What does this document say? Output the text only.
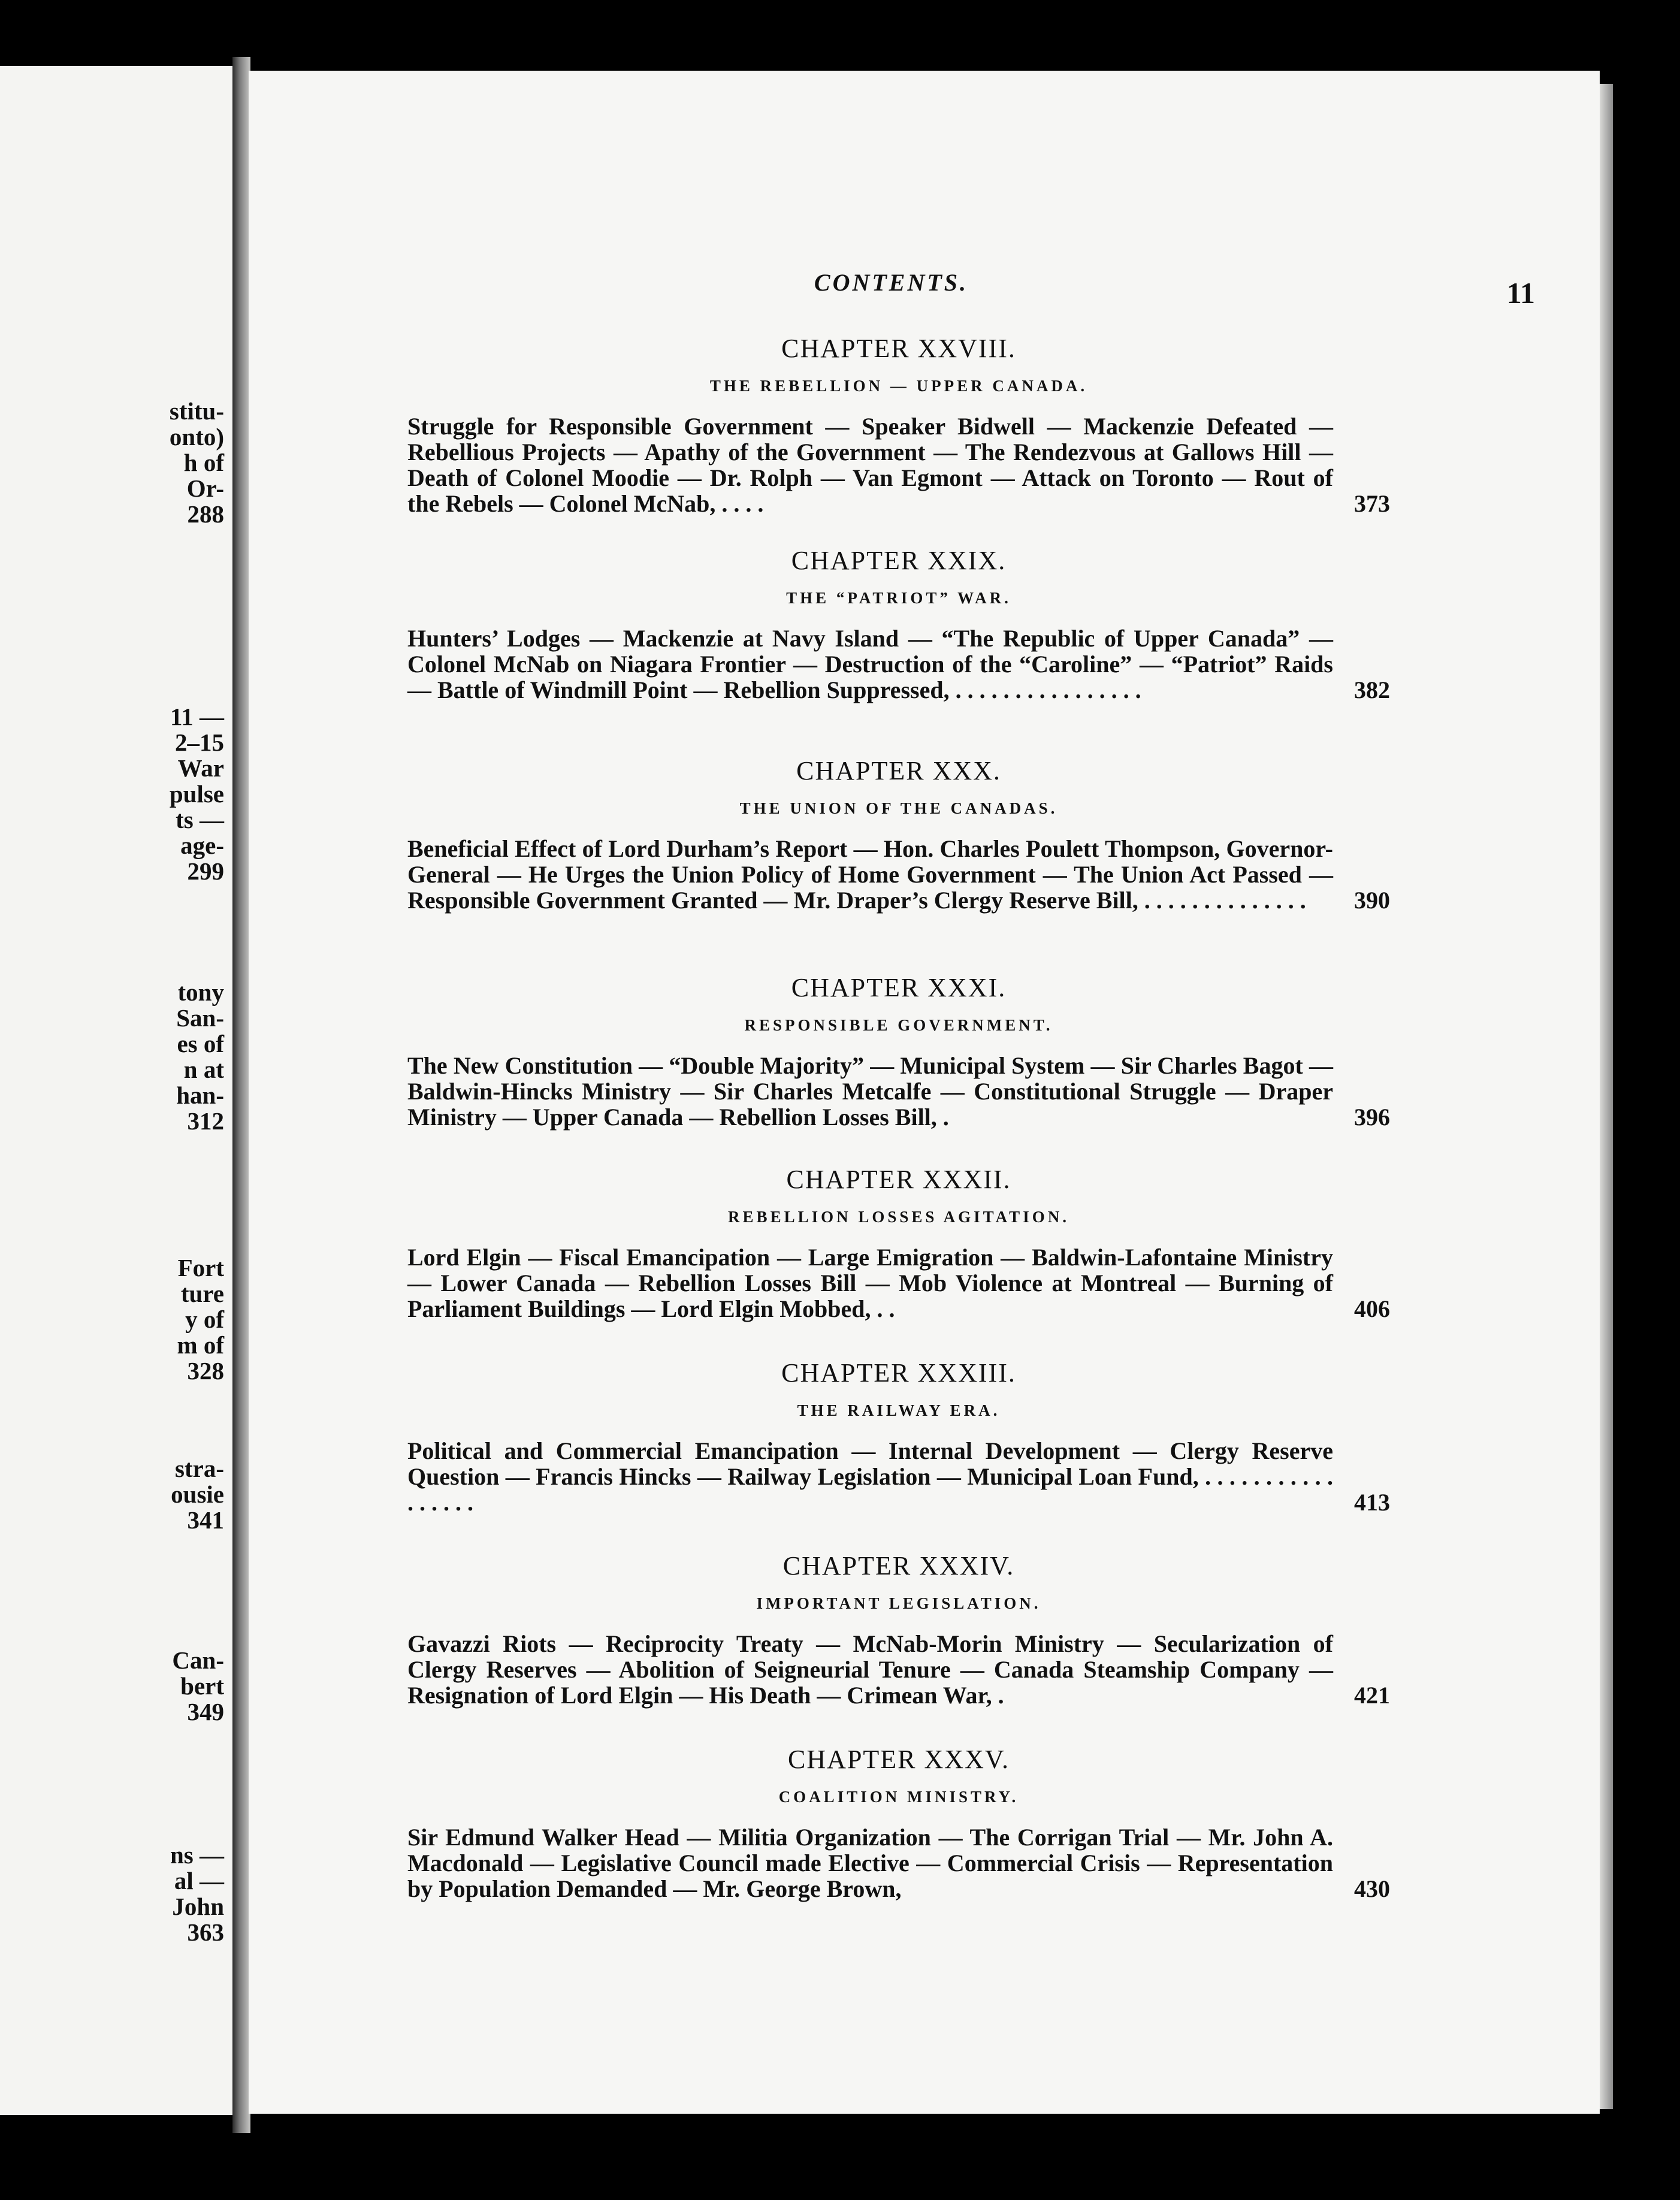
stitu-
onto)
h of
Or-
288
11 —
2–15
War
pulse
ts —
age-
299
tony
San-
es of
n at
han-
312
Fort
ture
y of
m of
328
stra-
ousie
341
Can-
bert
349
ns —
al —
John
363
CONTENTS.	11
CHAPTER XXVIII.
THE REBELLION — UPPER CANADA.
Struggle for Responsible Government — Speaker Bidwell — Mackenzie Defeated — Rebellious Projects — Apathy of the Government — The Rendezvous at Gallows Hill — Death of Colonel Moodie — Dr. Rolph — Van Egmont — Attack on Toronto — Rout of the Rebels — Colonel McNab, . . . .	373
CHAPTER XXIX.
THE “PATRIOT” WAR.
Hunters’ Lodges — Mackenzie at Navy Island — “The Republic of Upper Canada” — Colonel McNab on Niagara Frontier — Destruction of the “Caroline” — “Patriot” Raids — Battle of Windmill Point — Rebellion Suppressed, . . . . . . . . . . . . . . . .	382
CHAPTER XXX.
THE UNION OF THE CANADAS.
Beneficial Effect of Lord Durham’s Report — Hon. Charles Poulett Thompson, Governor-General — He Urges the Union Policy of Home Government — The Union Act Passed — Responsible Government Granted — Mr. Draper’s Clergy Reserve Bill, . . . . . . . . . . . . . .	390
CHAPTER XXXI.
RESPONSIBLE GOVERNMENT.
The New Constitution — “Double Majority” — Municipal System — Sir Charles Bagot — Baldwin-Hincks Ministry — Sir Charles Metcalfe — Constitutional Struggle — Draper Ministry — Upper Canada — Rebellion Losses Bill, .	396
CHAPTER XXXII.
REBELLION LOSSES AGITATION.
Lord Elgin — Fiscal Emancipation — Large Emigration — Baldwin-Lafontaine Ministry — Lower Canada — Rebellion Losses Bill — Mob Violence at Montreal — Burning of Parliament Buildings — Lord Elgin Mobbed, . .	406
CHAPTER XXXIII.
THE RAILWAY ERA.
Political and Commercial Emancipation — Internal Development — Clergy Reserve Question — Francis Hincks — Railway Legislation — Municipal Loan Fund, . . . . . . . . . . . . . . . . .	413
CHAPTER XXXIV.
IMPORTANT LEGISLATION.
Gavazzi Riots — Reciprocity Treaty — McNab-Morin Ministry — Secularization of Clergy Reserves — Abolition of Seigneurial Tenure — Canada Steamship Company — Resignation of Lord Elgin — His Death — Crimean War, .	421
CHAPTER XXXV.
COALITION MINISTRY.
Sir Edmund Walker Head — Militia Organization — The Corrigan Trial — Mr. John A. Macdonald — Legislative Council made Elective — Commercial Crisis — Representation by Population Demanded — Mr. George Brown,	430
